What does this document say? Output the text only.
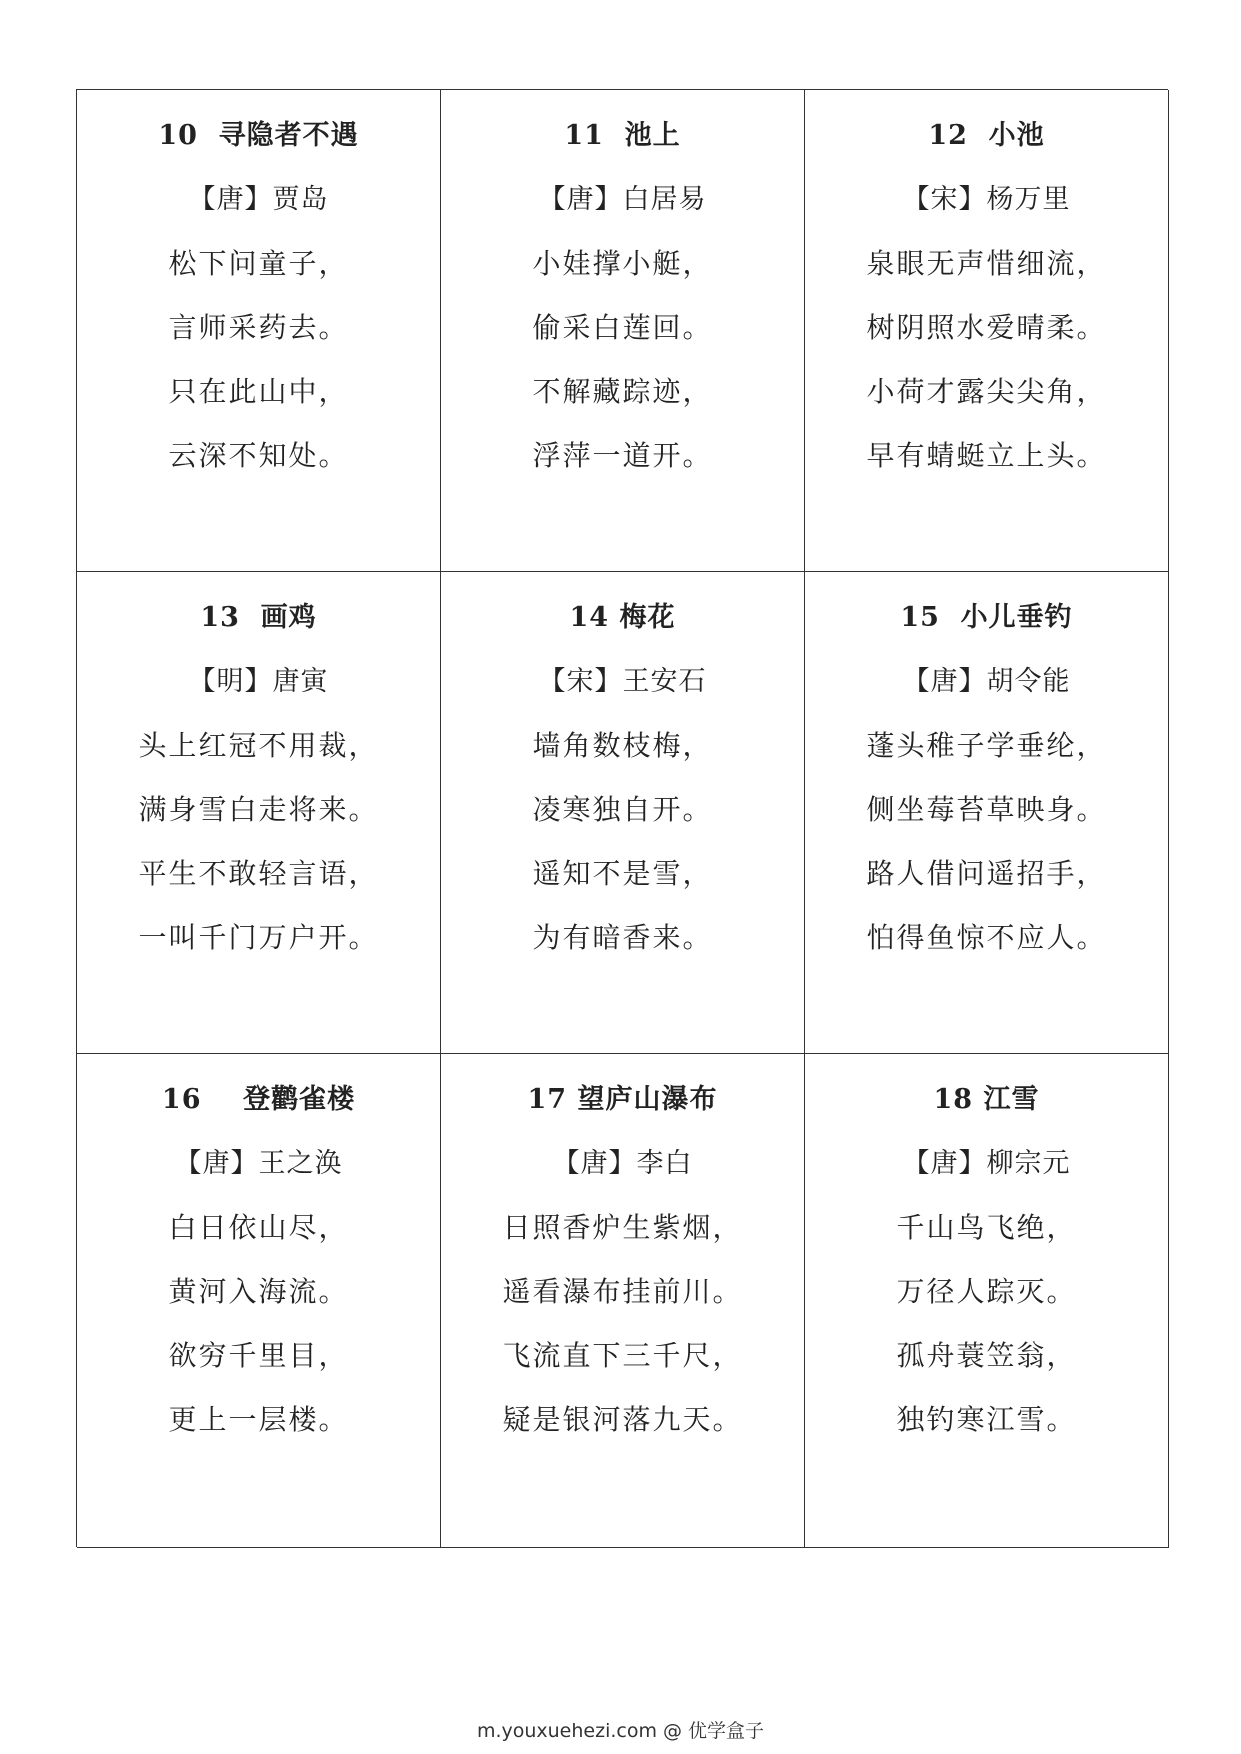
10  寻隐者不遇
【唐】贾岛
松下问童子，
言师采药去。
只在此山中，
云深不知处。
11  池上
【唐】白居易
小娃撑小艇，
偷采白莲回。
不解藏踪迹，
浮萍一道开。
12  小池
【宋】杨万里
泉眼无声惜细流，
树阴照水爱晴柔。
小荷才露尖尖角，
早有蜻蜓立上头。
13  画鸡
【明】唐寅
头上红冠不用裁，
满身雪白走将来。
平生不敢轻言语，
一叫千门万户开。
14 梅花
【宋】王安石
墙角数枝梅，
凌寒独自开。
遥知不是雪，
为有暗香来。
15  小儿垂钓
【唐】胡令能
蓬头稚子学垂纶，
侧坐莓苔草映身。
路人借问遥招手，
怕得鱼惊不应人。
16    登鹳雀楼
【唐】王之涣
白日依山尽，
黄河入海流。
欲穷千里目，
更上一层楼。
17 望庐山瀑布
【唐】李白
日照香炉生紫烟，
遥看瀑布挂前川。
飞流直下三千尺，
疑是银河落九天。
18 江雪
【唐】柳宗元
千山鸟飞绝，
万径人踪灭。
孤舟蓑笠翁，
独钓寒江雪。
m.youxuehezi.com @ 优学盒子
